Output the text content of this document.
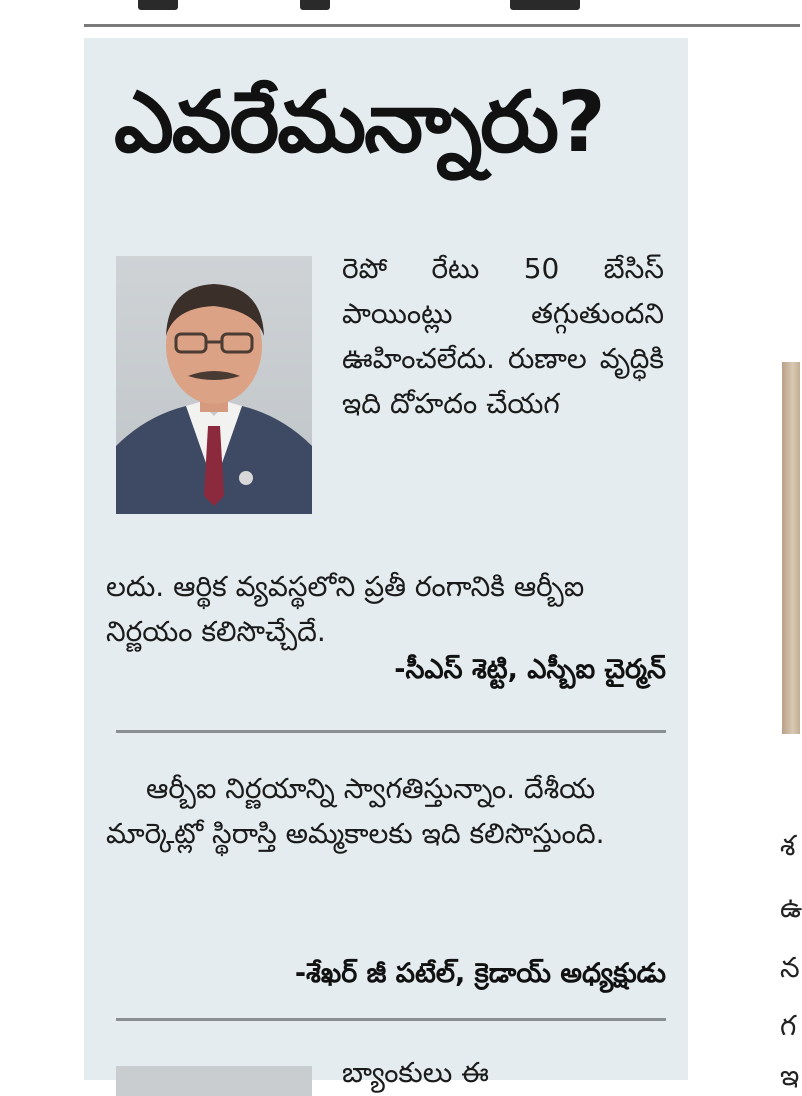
ఎవరేమన్నారు?

రెపో రేటు 50 బేసిస్ పాయింట్లు తగ్గుతుందని ఊహించలేదు. రుణాల వృద్ధికి ఇది దోహదం చేయగ

లదు. ఆర్థిక వ్యవస్థలోని ప్రతీ రంగానికి ఆర్బీఐ నిర్ణయం కలిసొచ్చేదే.

-సీఎస్ శెట్టి, ఎస్బీఐ చైర్మన్

ఆర్బీఐ నిర్ణయాన్ని స్వాగతిస్తున్నాం. దేశీయ మార్కెట్లో స్థిరాస్తి అమ్మకాలకు ఇది కలిసొస్తుంది.

-శేఖర్ జీ పటేల్, క్రెడాయ్ అధ్యక్షుడు
బ్యాంకులు ఈ
శ
ఉ
న
గ
ఇ
